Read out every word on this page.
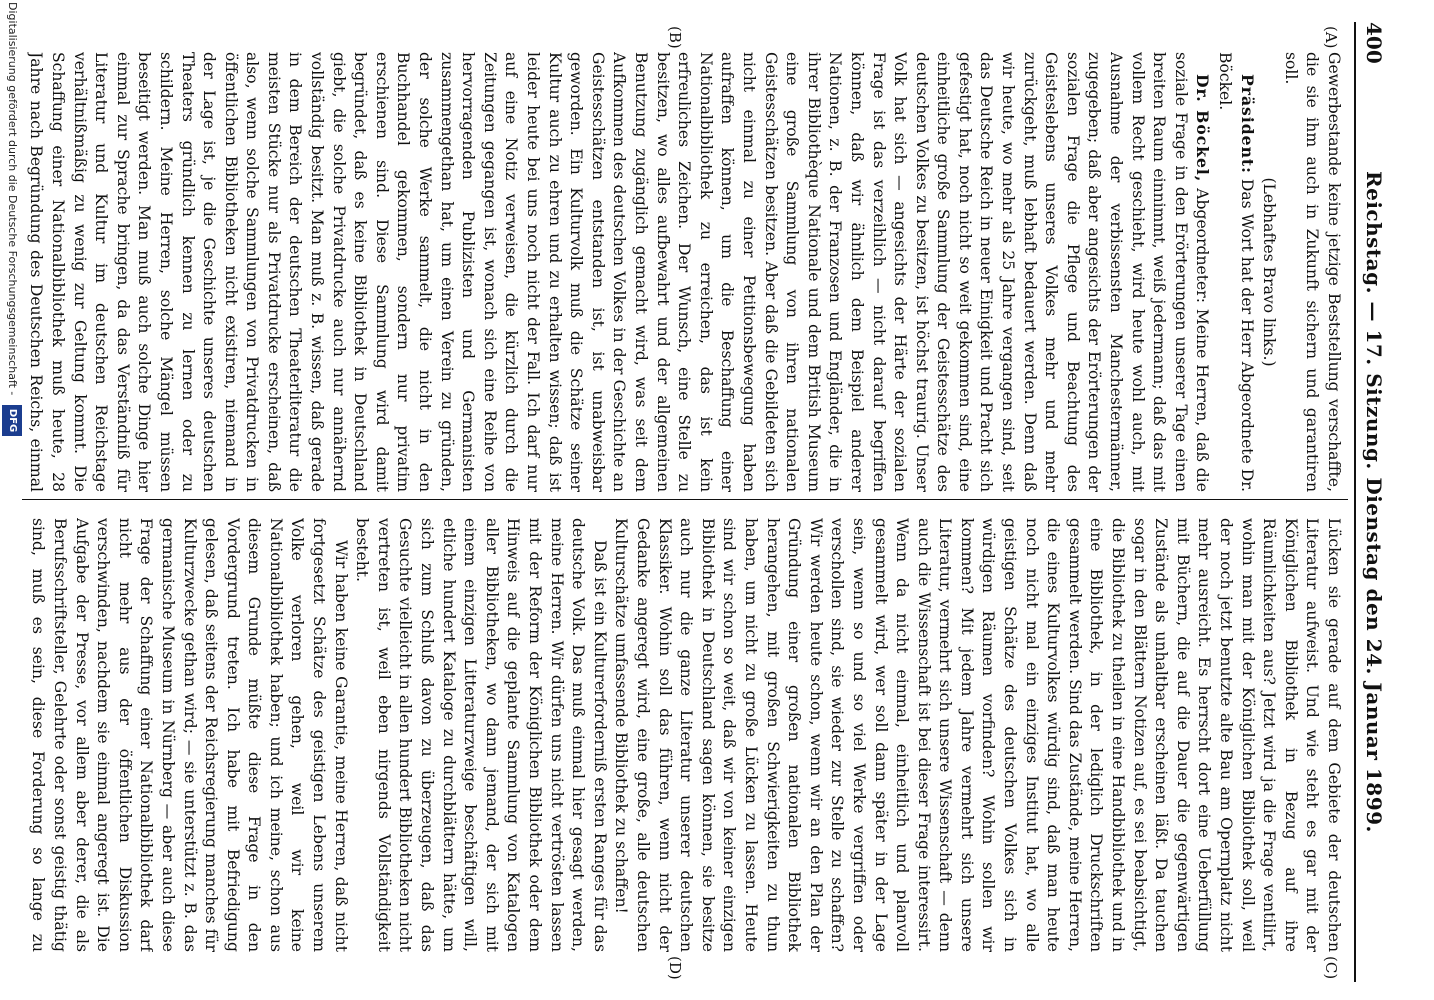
400
Reichstag. — 17. Sitzung. Dienstag den 24. Januar 1899.
(A)
(B)
(C)
(D)

Gewerbestande keine jetzige Beststellung verschaffte, die sie ihm auch in Zukunft sichern und garantiren soll.

(Lebhaftes Bravo links.)

Präsident: Das Wort hat der Herr Abgeordnete Dr. Böckel.

Dr. Böckel, Abgeordneter: Meine Herren, daß die soziale Frage in den Erörterungen unserer Tage einen breiten Raum einnimmt, weiß jedermann; daß das mit vollem Recht geschieht, wird heute wohl auch, mit Ausnahme der verbissensten Manchestermänner, zugegeben; daß aber angesichts der Erörterungen der sozialen Frage die Pflege und Beachtung des Geisteslebens unseres Volkes mehr und mehr zurückgeht, muß lebhaft bedauert werden. Denn daß wir heute, wo mehr als 25 Jahre vergangen sind, seit das Deutsche Reich in neuer Einigkeit und Pracht sich gefestigt hat, noch nicht so weit gekommen sind, eine einheitliche große Sammlung der Geistesschätze des deutschen Volkes zu besitzen, ist höchst traurig. Unser Volk hat sich — angesichts der Härte der sozialen Frage ist das verzeihlich — nicht darauf begriffen können, daß wir ähnlich dem Beispiel anderer Nationen, z. B. der Franzosen und Engländer, die in ihrer Bibliothèque Nationale und dem British Museum eine große Sammlung von ihren nationalen Geistesschätzen besitzen. Aber daß die Gebildeten sich nicht einmal zu einer Petitionsbewegung haben aufraffen können, um die Beschaffung einer Nationalbibliothek zu erreichen, das ist kein erfreuliches Zeichen. Der Wunsch, eine Stelle zu besitzen, wo alles aufbewahrt und der allgemeinen Benutzung zugänglich gemacht wird, was seit dem Aufkommen des deutschen Volkes in der Geschichte an Geistesschätzen entstanden ist, ist unabweisbar geworden. Ein Kulturvolk muß die Schätze seiner Kultur auch zu ehren und zu erhalten wissen; daß ist leider heute bei uns noch nicht der Fall. Ich darf nur auf eine Notiz verweisen, die kürzlich durch die Zeitungen gegangen ist, wonach sich eine Reihe von hervorragenden Publizisten und Germanisten zusammengethan hat, um einen Verein zu gründen, der solche Werke sammelt, die nicht in den Buchhandel gekommen, sondern nur privatim erschienen sind. Diese Sammlung wird damit begründet, daß es keine Bibliothek in Deutschland giebt, die solche Privatdrucke auch nur annähernd vollständig besitzt. Man muß z. B. wissen, daß gerade in dem Bereich der deutschen Theaterliteratur die meisten Stücke nur als Privatdrucke erscheinen, daß also, wenn solche Sammlungen von Privatdrucken in öffentlichen Bibliotheken nicht existiren, niemand in der Lage ist, je die Geschichte unseres deutschen Theaters gründlich kennen zu lernen oder zu schildern. Meine Herren, solche Mängel müssen beseitigt werden. Man muß auch solche Dinge hier einmal zur Sprache bringen, da das Verständniß für Literatur und Kultur im deutschen Reichstage verhältnißmäßig zu wenig zur Geltung kommt. Die Schaffung einer Nationalbibliothek muß heute, 28 Jahre nach Begründung des Deutschen Reichs, einmal

Lücken sie gerade auf dem Gebiete der deutschen Literatur aufweist. Und wie steht es gar mit der Königlichen Bibliothek in Bezug auf ihre Räumlichkeiten aus? Jetzt wird ja die Frage ventilirt, wohin man mit der Königlichen Bibliothek soll, weil der noch jetzt benutzte alte Bau am Opernplatz nicht mehr ausreicht. Es herrscht dort eine Ueberfüllung mit Büchern, die auf die Dauer die gegenwärtigen Zustände als unhaltbar erscheinen läßt. Da tauchen sogar in den Blättern Notizen auf, es sei beabsichtigt, die Bibliothek zu theilen in eine Handbibliothek und in eine Bibliothek, in der lediglich Druckschriften gesammelt werden. Sind das Zustände, meine Herren, die eines Kulturvolkes würdig sind, daß man heute noch nicht mal ein einziges Institut hat, wo alle geistigen Schätze des deutschen Volkes sich in würdigen Räumen vorfinden? Wohin sollen wir kommen? Mit jedem Jahre vermehrt sich unsere Literatur, vermehrt sich unsere Wissenschaft — denn auch die Wissenschaft ist bei dieser Frage interessirt. Wenn da nicht einmal, einheitlich und planvoll gesammelt wird, wer soll dann später in der Lage sein, wenn so und so viel Werke vergriffen oder verschollen sind, sie wieder zur Stelle zu schaffen? Wir werden heute schon, wenn wir an den Plan der Gründung einer großen nationalen Bibliothek herangehen, mit großen Schwierigkeiten zu thun haben, um nicht zu große Lücken zu lassen. Heute sind wir schon so weit, daß wir von keiner einzigen Bibliothek in Deutschland sagen können, sie besitze auch nur die ganze Literatur unserer deutschen Klassiker. Wohin soll das führen, wenn nicht der Gedanke angeregt wird, eine große, alle deutschen Kulturschätze umfassende Bibliothek zu schaffen!

Daß ist ein Kulturerforderniß ersten Ranges für das deutsche Volk. Das muß einmal hier gesagt werden, meine Herren. Wir dürfen uns nicht vertrösten lassen mit der Reform der Königlichen Bibliothek oder dem Hinweis auf die geplante Sammlung von Katalogen aller Bibliotheken, wo dann jemand, der sich mit einem einzigen Litteraturzweige beschäftigen will, etliche hundert Kataloge zu durchblättern hätte, um sich zum Schluß davon zu überzeugen, daß das Gesuchte vielleicht in allen hundert Bibliotheken nicht vertreten ist, weil eben nirgends Vollständigkeit besteht.

Wir haben keine Garantie, meine Herren, daß nicht fortgesetzt Schätze des geistigen Lebens unserem Volke verloren gehen, weil wir keine Nationalbibliothek haben; und ich meine, schon aus diesem Grunde müßte diese Frage in den Vordergrund treten. Ich habe mit Befriedigung gelesen, daß seitens der Reichsregierung manches für Kulturzwecke gethan wird; — sie unterstützt z. B. das germanische Museum in Nürnberg — aber auch diese Frage der Schaffung einer Nationalbibliothek darf nicht mehr aus der öffentlichen Diskussion verschwinden, nachdem sie einmal angeregt ist. Die Aufgabe der Presse, vor allem aber derer, die als Berufsschriftsteller, Gelehrte oder sonst geistig thätig sind, muß es sein, diese Forderung so lange zu

Digitalisierung gefördert durch die Deutsche Forschungsgemeinschaft - DFG
